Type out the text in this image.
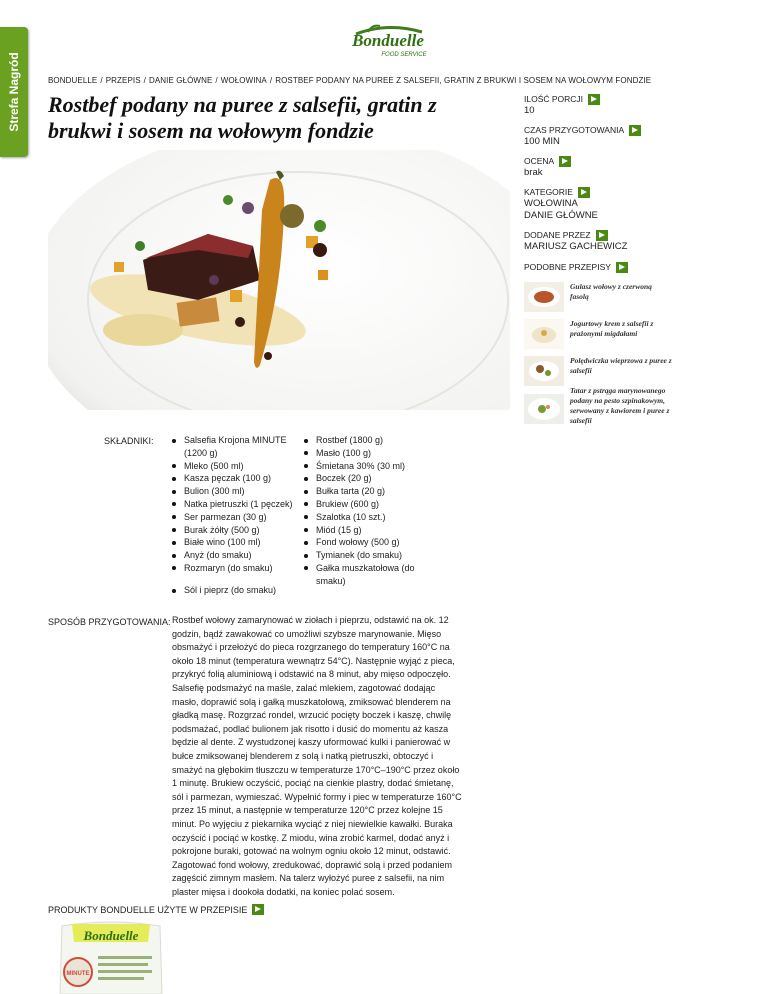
Strefa Nagród
Bonduelle
FOOD SERVICE
BONDUELLE / PRZEPIS / DANIE GŁÓWNE / WOŁOWINA / ROSTBEF PODANY NA PUREE Z SALSEFII, GRATIN Z BRUKWI I SOSEM NA WOŁOWYM FONDZIE
Rostbef podany na puree z salsefii, gratin z brukwi i sosem na wołowym fondzie
ILOŚĆ PORCJI
10
CZAS PRZYGOTOWANIA
100 MIN
OCENA
brak
KATEGORIE
WOŁOWINA
DANIE GŁÓWNE
DODANE PRZEZ
MARIUSZ GACHEWICZ
PODOBNE PRZEPISY
Gulasz wołowy z czerwoną fasolą
Jogurtowy krem z salsefii z prażonymi migdałami
Polędwiczka wieprzowa z puree z salsefii
Tatar z pstrąga marynowanego podany na pesto szpinakowym, serwowany z kawiorem i puree z salsefii
SKŁADNIKI:	Salsefia Krojona MINUTE (1200 g)
Mleko (500 ml)
Kasza pęczak (100 g)
Bulion (300 ml)
Natka pietruszki (1 pęczek)
Ser parmezan (30 g)
Burak żółty (500 g)
Białe wino (100 ml)
Anyż (do smaku)
Rozmaryn (do smaku)
Rostbef (1800 g)
Masło (100 g)
Śmietana 30% (30 ml)
Boczek (20 g)
Bułka tarta (20 g)
Brukiew (600 g)
Szalotka (10 szt.)
Miód (15 g)
Fond wołowy (500 g)
Tymianek (do smaku)
Gałka muszkatołowa (do smaku)
Sól i pieprz (do smaku)
SPOSÓB PRZYGOTOWANIA: Rostbef wołowy zamarynować w ziołach i pieprzu, odstawić na ok. 12 godzin, bądź zawakować co umożliwi szybsze marynowanie. Mięso obsmażyć i przełożyć do pieca rozgrzanego do temperatury 160°C na około 18 minut (temperatura wewnątrz 54°C). Następnie wyjąć z pieca, przykryć folią aluminiową i odstawić na 8 minut, aby mięso odpoczęło. Salsefię podsmażyć na maśle, zalać mlekiem, zagotować dodając masło, doprawić solą i gałką muszkatołową, zmiksować blenderem na gładką masę. Rozgrzać rondel, wrzucić pocięty boczek i kaszę, chwilę podsmażać, podlać bulionem jak risotto i dusić do momentu aż kasza będzie al dente. Z wystudzonej kaszy uformować kulki i panierować w bułce zmiksowanej blenderem z solą i natką pietruszki, obtoczyć i smażyć na głębokim tłuszczu w temperaturze 170°C–190°C przez około 1 minutę. Brukiew oczyścić, pociąć na cienkie plastry, dodać śmietanę, sól i parmezan, wymieszać. Wypełnić formy i piec w temperaturze 160°C przez 15 minut, a następnie w temperaturze 120°C przez kolejne 15 minut. Po wyjęciu z piekarnika wyciąć z niej niewielkie kawałki. Buraka oczyścić i pociąć w kostkę. Z miodu, wina zrobić karmel, dodać anyż i pokrojone buraki, gotować na wolnym ogniu około 12 minut, odstawić. Zagotować fond wołowy, zredukować, doprawić solą i przed podaniem zagęścić zimnym masłem. Na talerz wyłożyć puree z salsefii, na nim plaster mięsa i dookoła dodatki, na koniec polać sosem.

PRODUKTY BONDUELLE UŻYTE W PRZEPISIE
Bonduelle
MINUTE
